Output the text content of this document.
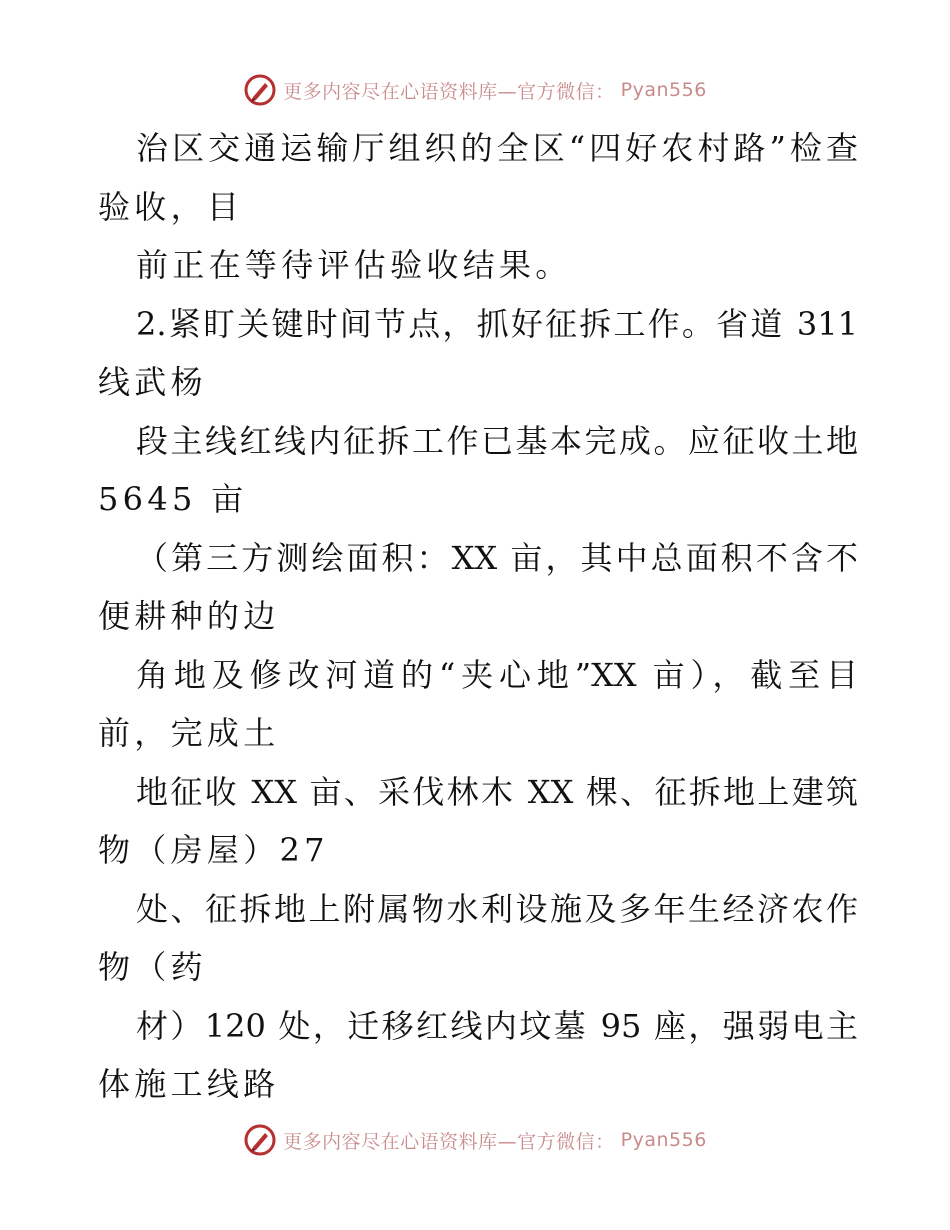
更多内容尽在心语资料库—官方微信： Pyan556
治区交通运输厅组织的全区“四好农村路”检查
验收，目
前正在等待评估验收结果。
2.紧盯关键时间节点，抓好征拆工作。省道 311
线武杨
段主线红线内征拆工作已基本完成。应征收土地
5645 亩
（第三方测绘面积：XX 亩，其中总面积不含不
便耕种的边
角地及修改河道的“夹心地”XX 亩），截至目
前，完成土
地征收 XX 亩、采伐林木 XX 棵、征拆地上建筑
物（房屋）27
处、征拆地上附属物水利设施及多年生经济农作
物（药
材）120 处，迁移红线内坟墓 95 座，强弱电主
体施工线路
更多内容尽在心语资料库—官方微信： Pyan556
